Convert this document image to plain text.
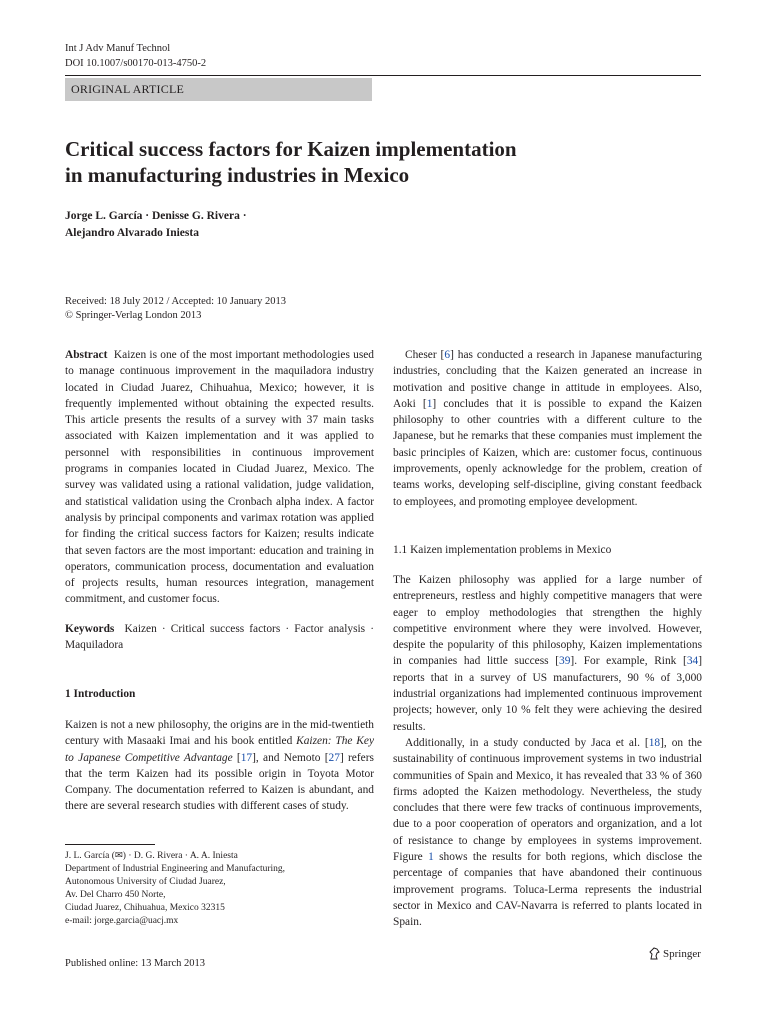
Int J Adv Manuf Technol
DOI 10.1007/s00170-013-4750-2
ORIGINAL ARTICLE
Critical success factors for Kaizen implementation
in manufacturing industries in Mexico
Jorge L. García · Denisse G. Rivera ·
Alejandro Alvarado Iniesta
Received: 18 July 2012 / Accepted: 10 January 2013
© Springer-Verlag London 2013

Abstract Kaizen is one of the most important methodologies used to manage continuous improvement in the maquiladora industry located in Ciudad Juarez, Chihuahua, Mexico; however, it is frequently implemented without obtaining the expected results. This article presents the results of a survey with 37 main tasks associated with Kaizen implementation and it was applied to personnel with responsibilities in continuous improvement programs in companies located in Ciudad Juarez, Mexico. The survey was validated using a rational validation, judge validation, and statistical validation using the Cronbach alpha index. A factor analysis by principal components and varimax rotation was applied for finding the critical success factors for Kaizen; results indicate that seven factors are the most important: education and training in operators, communication process, documentation and evaluation of projects results, human resources integration, management commitment, and customer focus.

Keywords Kaizen · Critical success factors · Factor analysis · Maquiladora

1 Introduction

Kaizen is not a new philosophy, the origins are in the mid-twentieth century with Masaaki Imai and his book entitled Kaizen: The Key to Japanese Competitive Advantage [17], and Nemoto [27] refers that the term Kaizen had its possible origin in Toyota Motor Company. The documentation referred to Kaizen is abundant, and there are several research studies with different cases of study.

J. L. García (✉) · D. G. Rivera · A. A. Iniesta
Department of Industrial Engineering and Manufacturing,
Autonomous University of Ciudad Juarez,
Av. Del Charro 450 Norte,
Ciudad Juarez, Chihuahua, Mexico 32315
e-mail: jorge.garcia@uacj.mx

Cheser [6] has conducted a research in Japanese manufacturing industries, concluding that the Kaizen generated an increase in motivation and positive change in attitude in employees. Also, Aoki [1] concludes that it is possible to expand the Kaizen philosophy to other countries with a different culture to the Japanese, but he remarks that these companies must implement the basic principles of Kaizen, which are: customer focus, continuous improvements, openly acknowledge for the problem, creation of teams works, developing self-discipline, giving constant feedback to employees, and promoting employee development.

1.1 Kaizen implementation problems in Mexico

The Kaizen philosophy was applied for a large number of entrepreneurs, restless and highly competitive managers that were eager to employ methodologies that strengthen the highly competitive environment where they were involved. However, despite the popularity of this philosophy, Kaizen implementations in companies had little success [39]. For example, Rink [34] reports that in a survey of US manufacturers, 90 % of 3,000 industrial organizations had implemented continuous improvement projects; however, only 10 % felt they were achieving the desired results.

Additionally, in a study conducted by Jaca et al. [18], on the sustainability of continuous improvement systems in two industrial communities of Spain and Mexico, it has revealed that 33 % of 360 firms adopted the Kaizen methodology. Nevertheless, the study concludes that there were few tracks of continuous improvements, due to a poor cooperation of operators and organization, and a lot of resistance to change by employees in systems improvement. Figure 1 shows the results for both regions, which disclose the percentage of companies that have abandoned their continuous improvement programs. Toluca-Lerma represents the industrial sector in Mexico and CAV-Navarra is referred to plants located in Spain.

Published online: 13 March 2013
Springer
